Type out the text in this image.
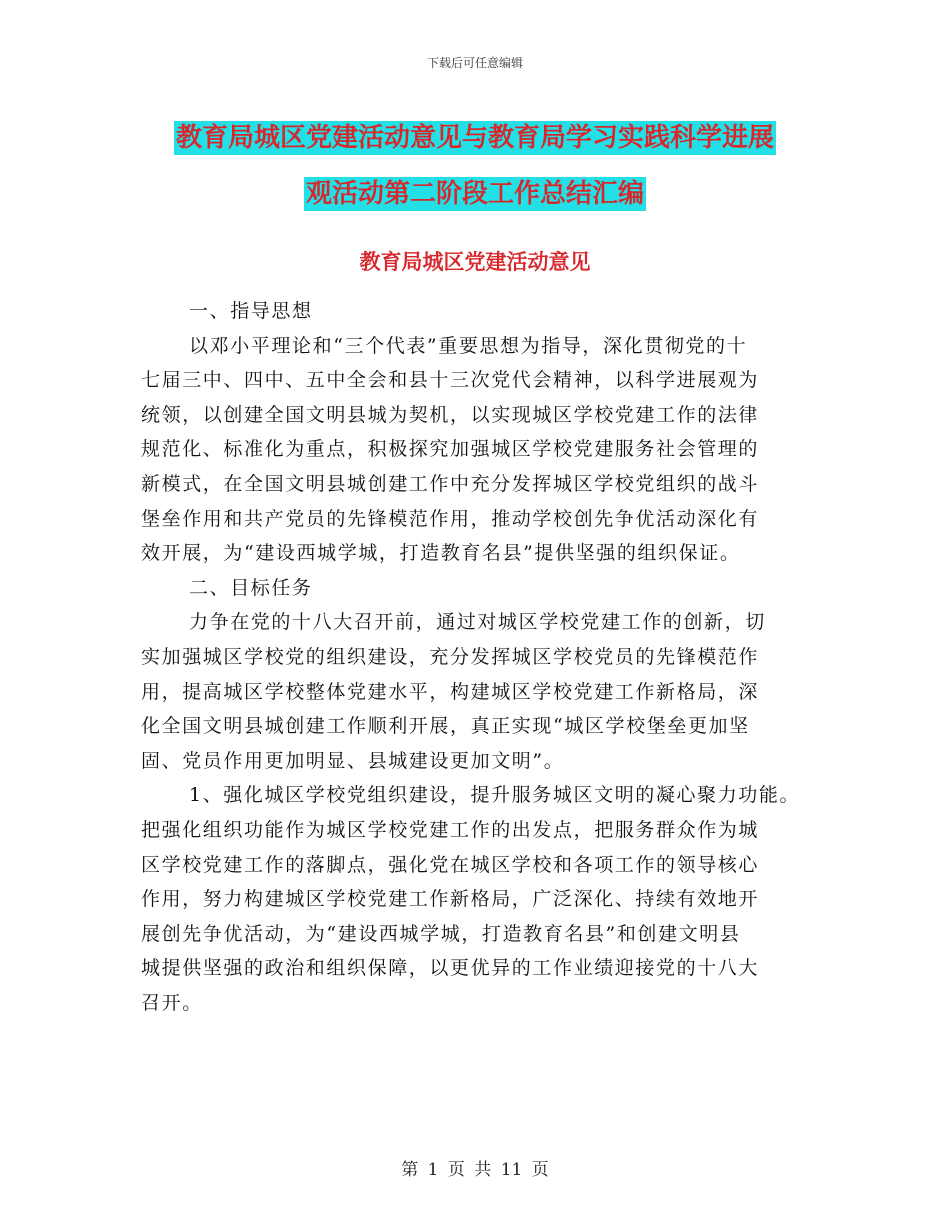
下载后可任意编辑
教育局城区党建活动意见与教育局学习实践科学进展
观活动第二阶段工作总结汇编
教育局城区党建活动意见

一、指导思想

以邓小平理论和“三个代表”重要思想为指导，深化贯彻党的十
七届三中、四中、五中全会和县十三次党代会精神，以科学进展观为
统领，以创建全国文明县城为契机，以实现城区学校党建工作的法律
规范化、标准化为重点，积极探究加强城区学校党建服务社会管理的
新模式，在全国文明县城创建工作中充分发挥城区学校党组织的战斗
堡垒作用和共产党员的先锋模范作用，推动学校创先争优活动深化有
效开展，为“建设西城学城，打造教育名县”提供坚强的组织保证。

二、目标任务

力争在党的十八大召开前，通过对城区学校党建工作的创新，切
实加强城区学校党的组织建设，充分发挥城区学校党员的先锋模范作
用，提高城区学校整体党建水平，构建城区学校党建工作新格局，深
化全国文明县城创建工作顺利开展，真正实现“城区学校堡垒更加坚
固、党员作用更加明显、县城建设更加文明”。

1、强化城区学校党组织建设，提升服务城区文明的凝心聚力功能。
把强化组织功能作为城区学校党建工作的出发点，把服务群众作为城
区学校党建工作的落脚点，强化党在城区学校和各项工作的领导核心
作用，努力构建城区学校党建工作新格局，广泛深化、持续有效地开
展创先争优活动，为“建设西城学城，打造教育名县”和创建文明县
城提供坚强的政治和组织保障，以更优异的工作业绩迎接党的十八大
召开。

第 1 页 共 11 页
